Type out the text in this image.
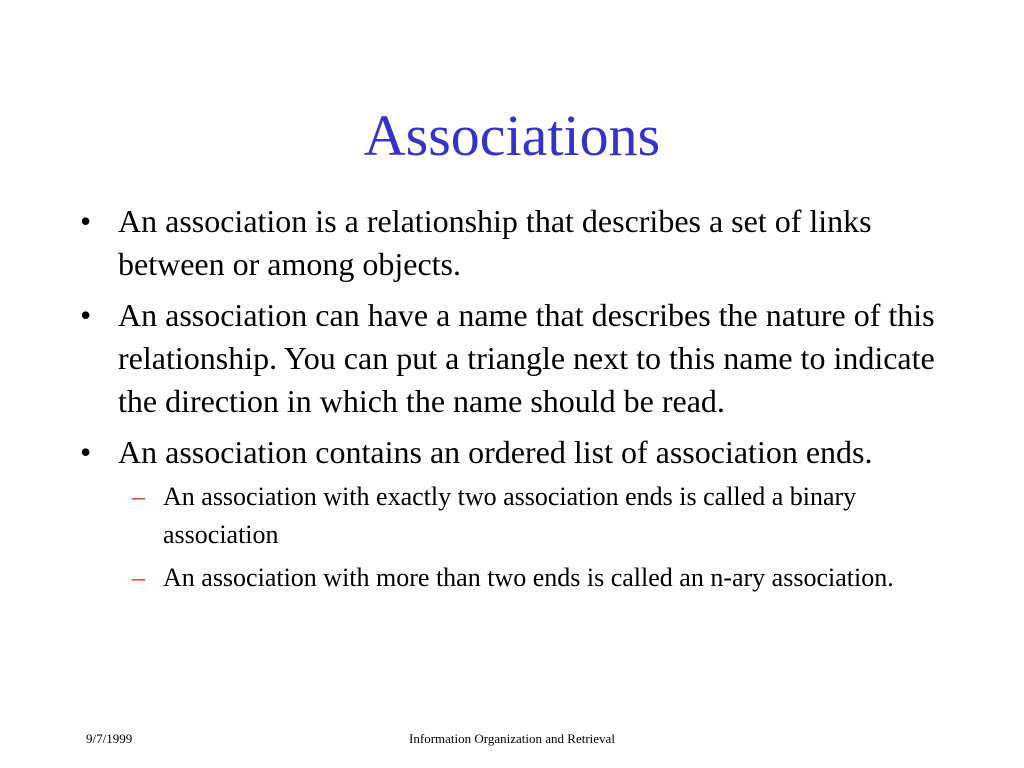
Associations
•
An association is a relationship that describes a set of links between or among objects.
•
An association can have a name that describes the nature of this relationship. You can put a triangle next to this name to indicate the direction in which the name should be read.
•
An association contains an ordered list of association ends.
–
An association with exactly two association ends is called a binary association
–
An association with more than two ends is called an n-ary association.
9/7/1999	Information Organization and Retrieval
